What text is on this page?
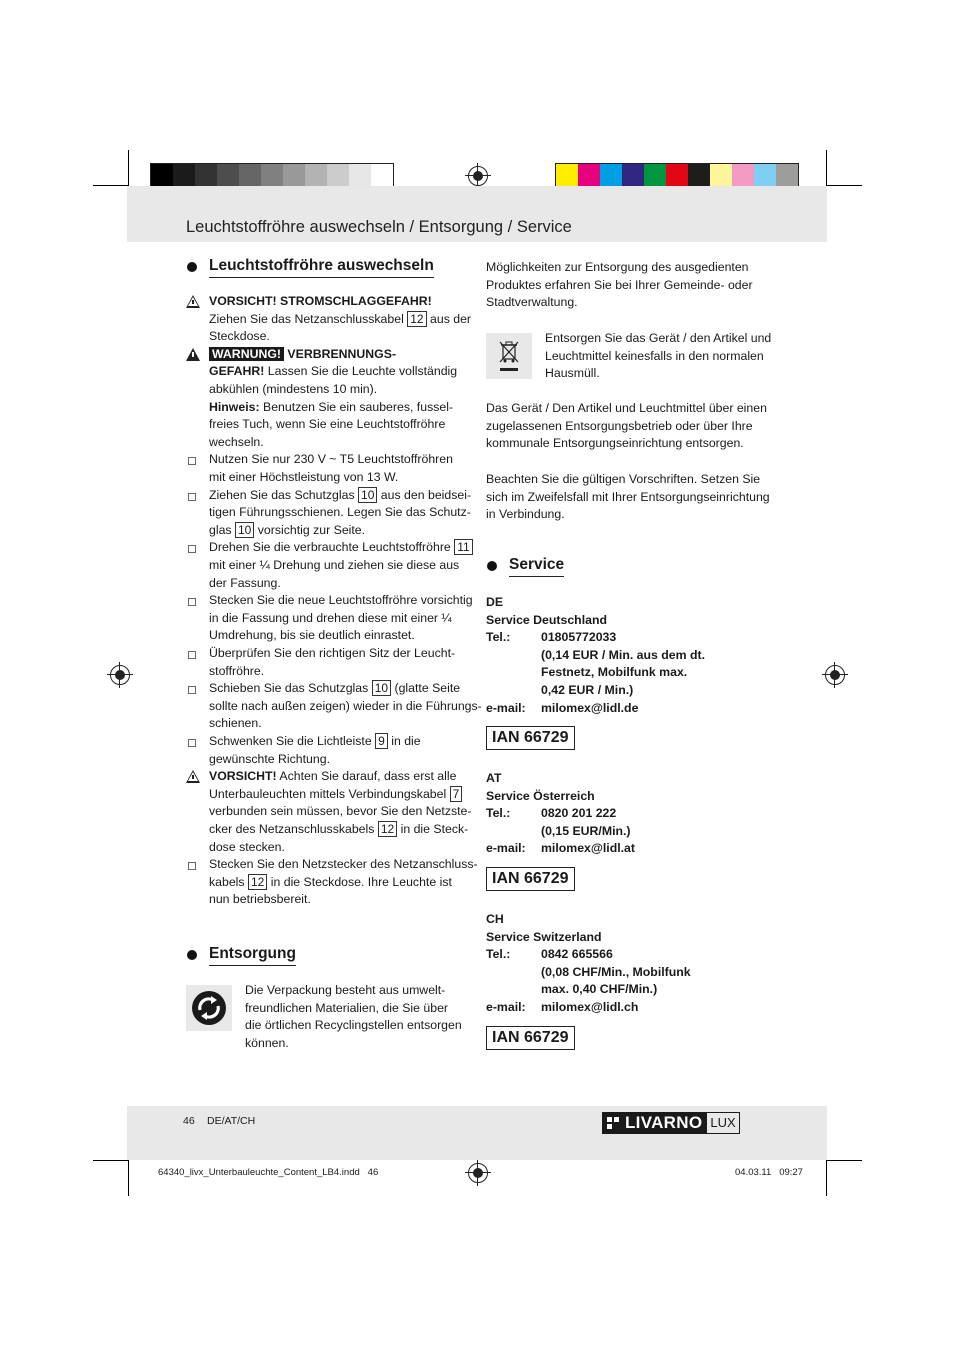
Leuchtstoffröhre auswechseln / Entsorgung / Service
Leuchtstoffröhre auswechseln
VORSICHT! STROMSCHLAGGEFAHR!
Ziehen Sie das Netzanschlusskabel 12 aus der
Steckdose.
WARNUNG! VERBRENNUNGS-
GEFAHR! Lassen Sie die Leuchte vollständig
abkühlen (mindestens 10 min).
Hinweis: Benutzen Sie ein sauberes, fussel-
freies Tuch, wenn Sie eine Leuchtstoffröhre
wechseln.
Nutzen Sie nur 230 V ~ T5 Leuchtstoffröhren
mit einer Höchstleistung von 13 W.
Ziehen Sie das Schutzglas 10 aus den beidsei-
tigen Führungsschienen. Legen Sie das Schutz-
glas 10 vorsichtig zur Seite.
Drehen Sie die verbrauchte Leuchtstoffröhre 11
mit einer ¼ Drehung und ziehen sie diese aus
der Fassung.
Stecken Sie die neue Leuchtstoffröhre vorsichtig
in die Fassung und drehen diese mit einer ¼
Umdrehung, bis sie deutlich einrastet.
Überprüfen Sie den richtigen Sitz der Leucht-
stoffröhre.
Schieben Sie das Schutzglas 10 (glatte Seite
sollte nach außen zeigen) wieder in die Führungs-
schienen.
Schwenken Sie die Lichtleiste 9 in die
gewünschte Richtung.
VORSICHT! Achten Sie darauf, dass erst alle
Unterbauleuchten mittels Verbindungskabel 7
verbunden sein müssen, bevor Sie den Netzste-
cker des Netzanschlusskabels 12 in die Steck-
dose stecken.
Stecken Sie den Netzstecker des Netzanschluss-
kabels 12 in die Steckdose. Ihre Leuchte ist
nun betriebsbereit.
Entsorgung
Die Verpackung besteht aus umwelt-
freundlichen Materialien, die Sie über
die örtlichen Recyclingstellen entsorgen
können.
Möglichkeiten zur Entsorgung des ausgedienten
Produktes erfahren Sie bei Ihrer Gemeinde- oder
Stadtverwaltung.
Entsorgen Sie das Gerät / den Artikel und
Leuchtmittel keinesfalls in den normalen
Hausmüll.
Das Gerät / Den Artikel und Leuchtmittel über einen
zugelassenen Entsorgungsbetrieb oder über Ihre
kommunale Entsorgungseinrichtung entsorgen.
Beachten Sie die gültigen Vorschriften. Setzen Sie
sich im Zweifelsfall mit Ihrer Entsorgungseinrichtung
in Verbindung.
Service
DE
Service Deutschland
Tel.: 01805772033
(0,14 EUR / Min. aus dem dt.
Festnetz, Mobilfunk max.
0,42 EUR / Min.)
e-mail: milomex@lidl.de
IAN 66729
AT
Service Österreich
Tel.: 0820 201 222
(0,15 EUR/Min.)
e-mail: milomex@lidl.at
IAN 66729
CH
Service Switzerland
Tel.: 0842 665566
(0,08 CHF/Min., Mobilfunk
max. 0,40 CHF/Min.)
e-mail: milomex@lidl.ch
IAN 66729
46 DE/AT/CH	LIVARNO LUX
64340_livx_Unterbauleuchte_Content_LB4.indd   46	04.03.11   09:27
